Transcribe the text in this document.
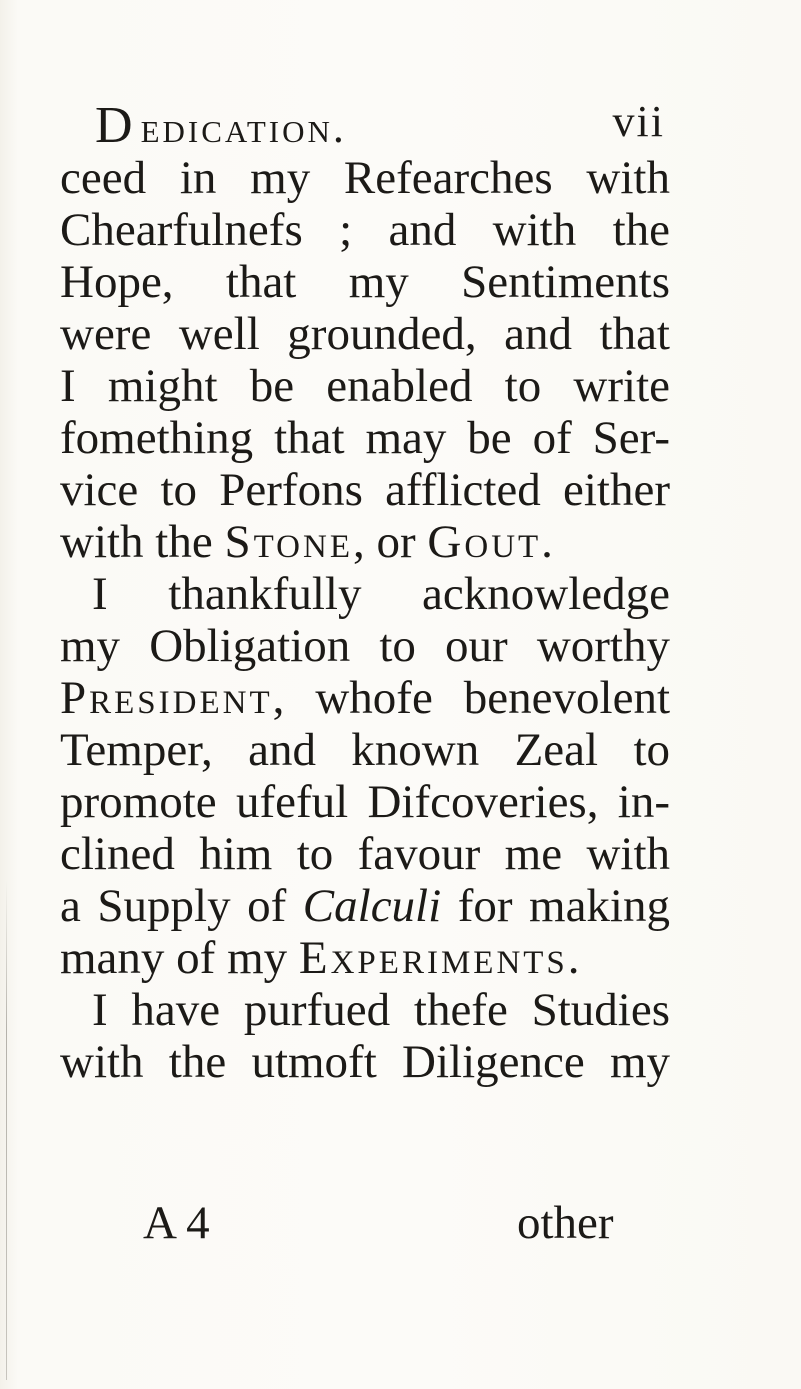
Dedication.	vii
ceed in my Refearches with
Chearfulnefs ; and with the
Hope, that my Sentiments
were well grounded, and that
I might be enabled to write
fomething that may be of Ser-
vice to Perfons afflicted either
with the Stone, or Gout.
I thankfully acknowledge
my Obligation to our worthy
President, whofe benevolent
Temper, and known Zeal to
promote ufeful Difcoveries, in-
clined him to favour me with
a Supply of Calculi for making
many of my Experiments.
I have purfued thefe Studies
with the utmoft Diligence my
A 4	other
